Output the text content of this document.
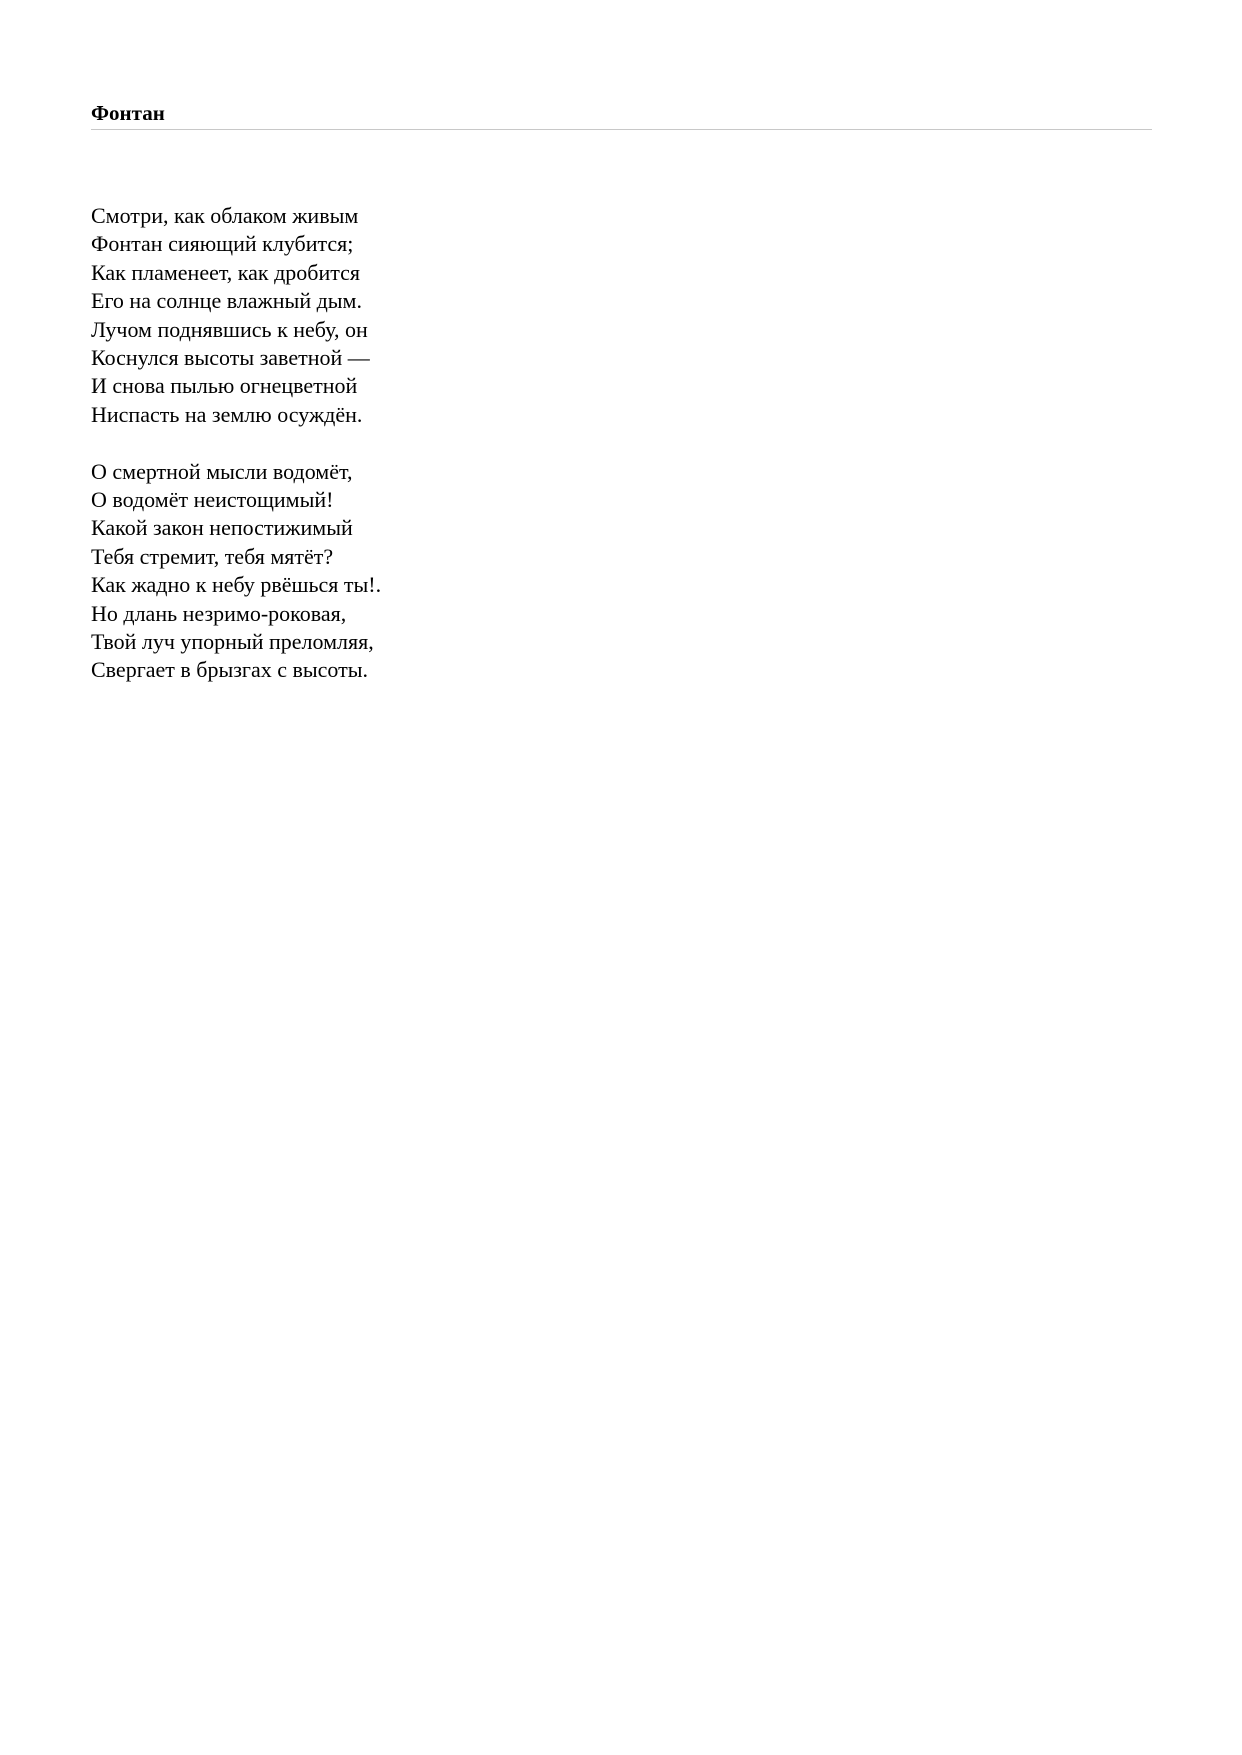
Фонтан
Смотри, как облаком живым
Фонтан сияющий клубится;
Как пламенеет, как дробится
Его на солнце влажный дым.
Лучом поднявшись к небу, он
Коснулся высоты заветной —
И снова пылью огнецветной
Ниспасть на землю осуждён.
О смертной мысли водомёт,
О водомёт неистощимый!
Какой закон непостижимый
Тебя стремит, тебя мятёт?
Как жадно к небу рвёшься ты!.
Но длань незримо-роковая,
Твой луч упорный преломляя,
Свергает в брызгах с высоты.
